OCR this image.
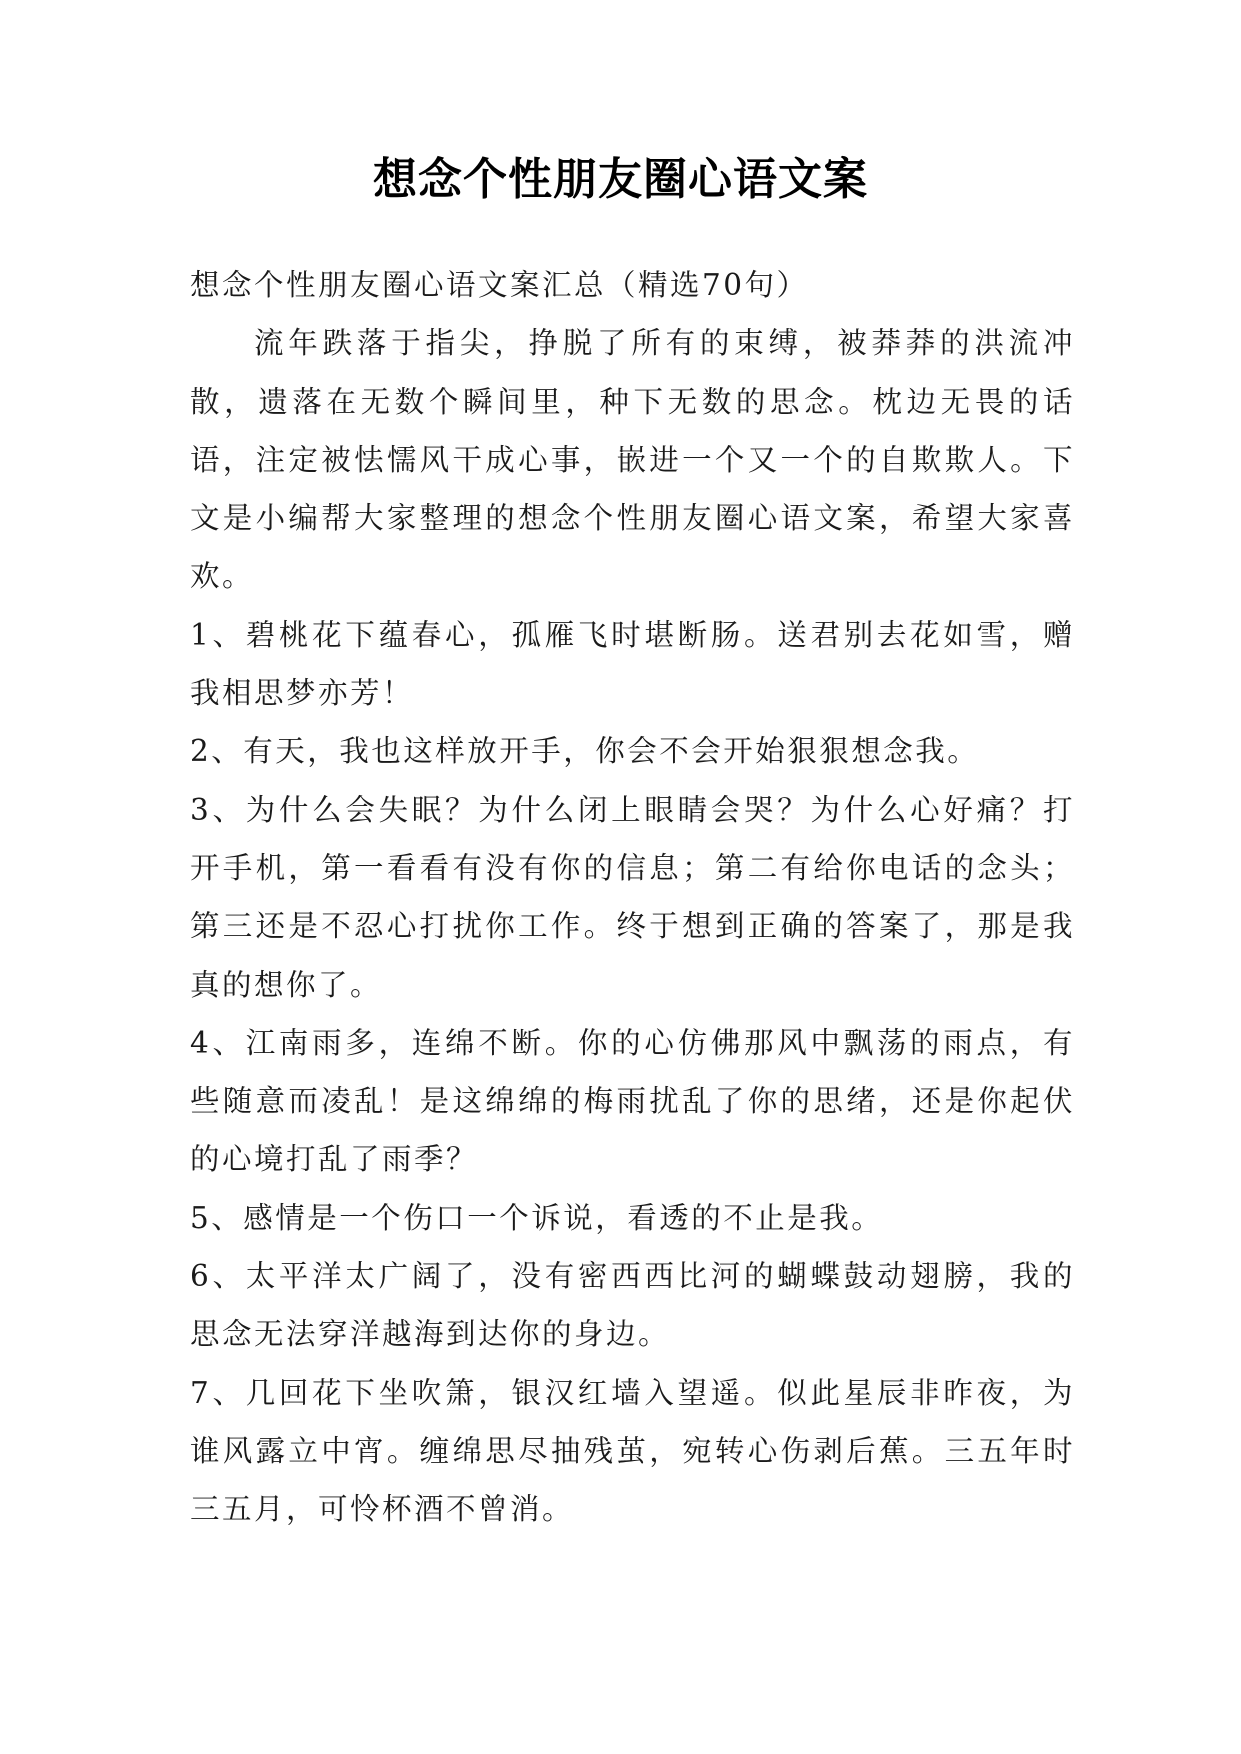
想念个性朋友圈心语文案

想念个性朋友圈心语文案汇总（精选70句）

流年跌落于指尖，挣脱了所有的束缚，被莽莽的洪流冲散，遗落在无数个瞬间里，种下无数的思念。枕边无畏的话语，注定被怯懦风干成心事，嵌进一个又一个的自欺欺人。下文是小编帮大家整理的想念个性朋友圈心语文案，希望大家喜欢。

1、碧桃花下蕴春心，孤雁飞时堪断肠。送君别去花如雪，赠我相思梦亦芳！

2、有天，我也这样放开手，你会不会开始狠狠想念我。

3、为什么会失眠？为什么闭上眼睛会哭？为什么心好痛？打开手机，第一看看有没有你的信息；第二有给你电话的念头；第三还是不忍心打扰你工作。终于想到正确的答案了，那是我真的想你了。

4、江南雨多，连绵不断。你的心仿佛那风中飘荡的雨点，有些随意而凌乱！是这绵绵的梅雨扰乱了你的思绪，还是你起伏的心境打乱了雨季？

5、感情是一个伤口一个诉说，看透的不止是我。

6、太平洋太广阔了，没有密西西比河的蝴蝶鼓动翅膀，我的思念无法穿洋越海到达你的身边。

7、几回花下坐吹箫，银汉红墙入望遥。似此星辰非昨夜，为谁风露立中宵。缠绵思尽抽残茧，宛转心伤剥后蕉。三五年时三五月，可怜杯酒不曾消。
